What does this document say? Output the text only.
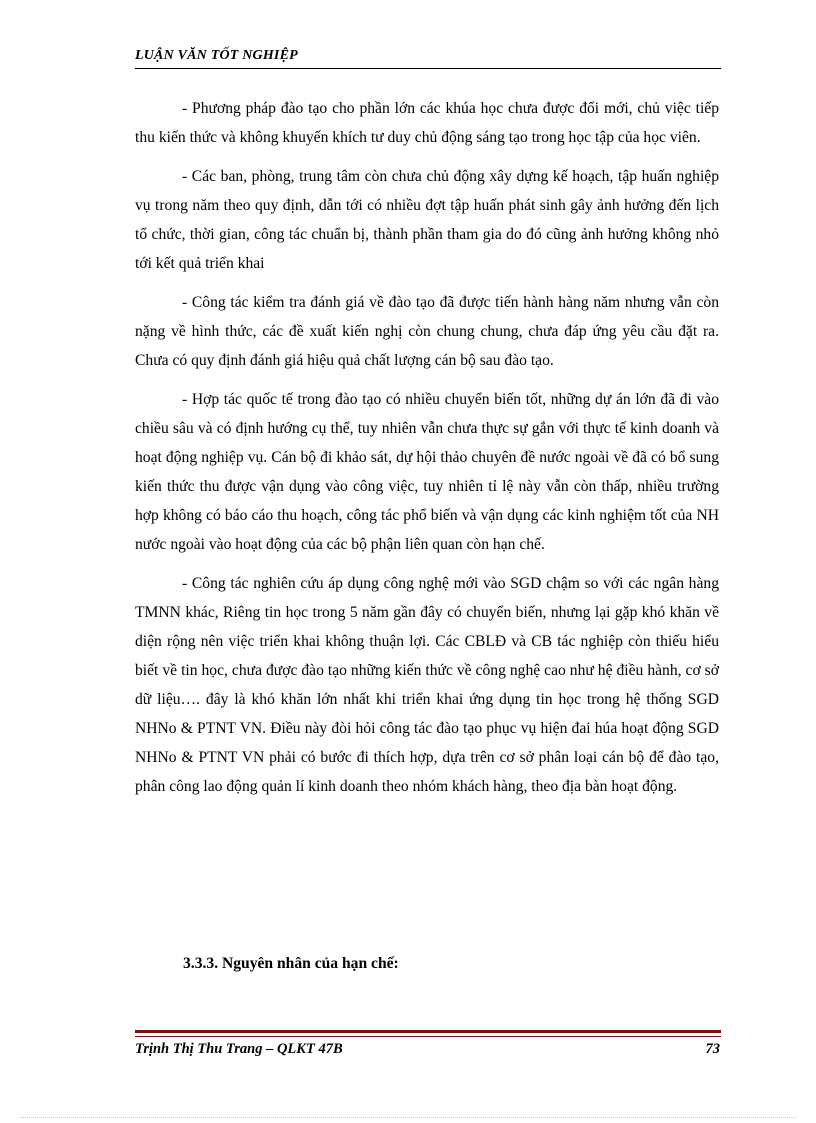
LUẬN VĂN TỐT NGHIỆP

- Phương pháp đào tạo cho phần lớn các khúa học chưa được đổi mới, chủ việc tiếp thu kiến thức và không khuyến khích tư duy chủ động sáng tạo trong học tập của học viên.

- Các ban, phòng, trung tâm còn chưa chủ động xây dựng kế hoạch, tập huấn nghiệp vụ trong năm theo quy định, dẫn tới có nhiều đợt tập huấn phát sinh gây ảnh hưởng đến lịch tổ chức, thời gian, công tác chuẩn bị, thành phần tham gia do đó cũng ảnh hưởng không nhỏ tới kết quả triển khai

- Công tác kiểm tra đánh giá về đào tạo đã được tiến hành hàng năm nhưng vẫn còn nặng về hình thức, các đề xuất kiến nghị còn chung chung, chưa đáp ứng yêu cầu đặt ra. Chưa có quy định đánh giá hiệu quả chất lượng cán bộ sau đào tạo.

- Hợp tác quốc tế trong đào tạo có nhiều chuyển biến tốt, những dự án lớn đã đi vào chiều sâu và có định hướng cụ thể, tuy nhiên vẫn chưa thực sự gắn với thực tế kinh doanh và hoạt động nghiệp vụ. Cán bộ đi khảo sát, dự hội thảo chuyên đề nước ngoài về đã có bổ sung kiến thức thu được vận dụng vào công việc, tuy nhiên tỉ lệ này vẫn còn thấp, nhiều trường hợp không có báo cáo thu hoạch, công tác phổ biến và vận dụng các kinh nghiệm tốt của NH nước ngoài vào hoạt động của các bộ phận liên quan còn hạn chế.

- Công tác nghiên cứu áp dụng công nghệ mới vào SGD chậm so với các ngân hàng TMNN khác, Riêng tin học trong 5 năm gần đây có chuyển biến, nhưng lại gặp khó khăn về diện rộng nên việc triển khai không thuận lợi. Các CBLĐ và CB tác nghiệp còn thiếu hiểu biết về tin học, chưa được đào tạo những kiến thức về công nghệ cao như hệ điều hành, cơ sở dữ liệu…. đây là khó khăn lớn nhất khi triển khai ứng dụng tin học trong hệ thống SGD NHNo & PTNT VN. Điều này đòi hỏi công tác đào tạo phục vụ hiện đai húa hoạt động SGD NHNo & PTNT VN phải có bước đi thích hợp, dựa trên cơ sở phân loại cán bộ để đào tạo, phân công lao động quản lí kinh doanh theo nhóm khách hàng, theo địa bàn hoạt động.

3.3.3. Nguyên nhân của hạn chế:
Trịnh Thị Thu Trang – QLKT 47B	73
